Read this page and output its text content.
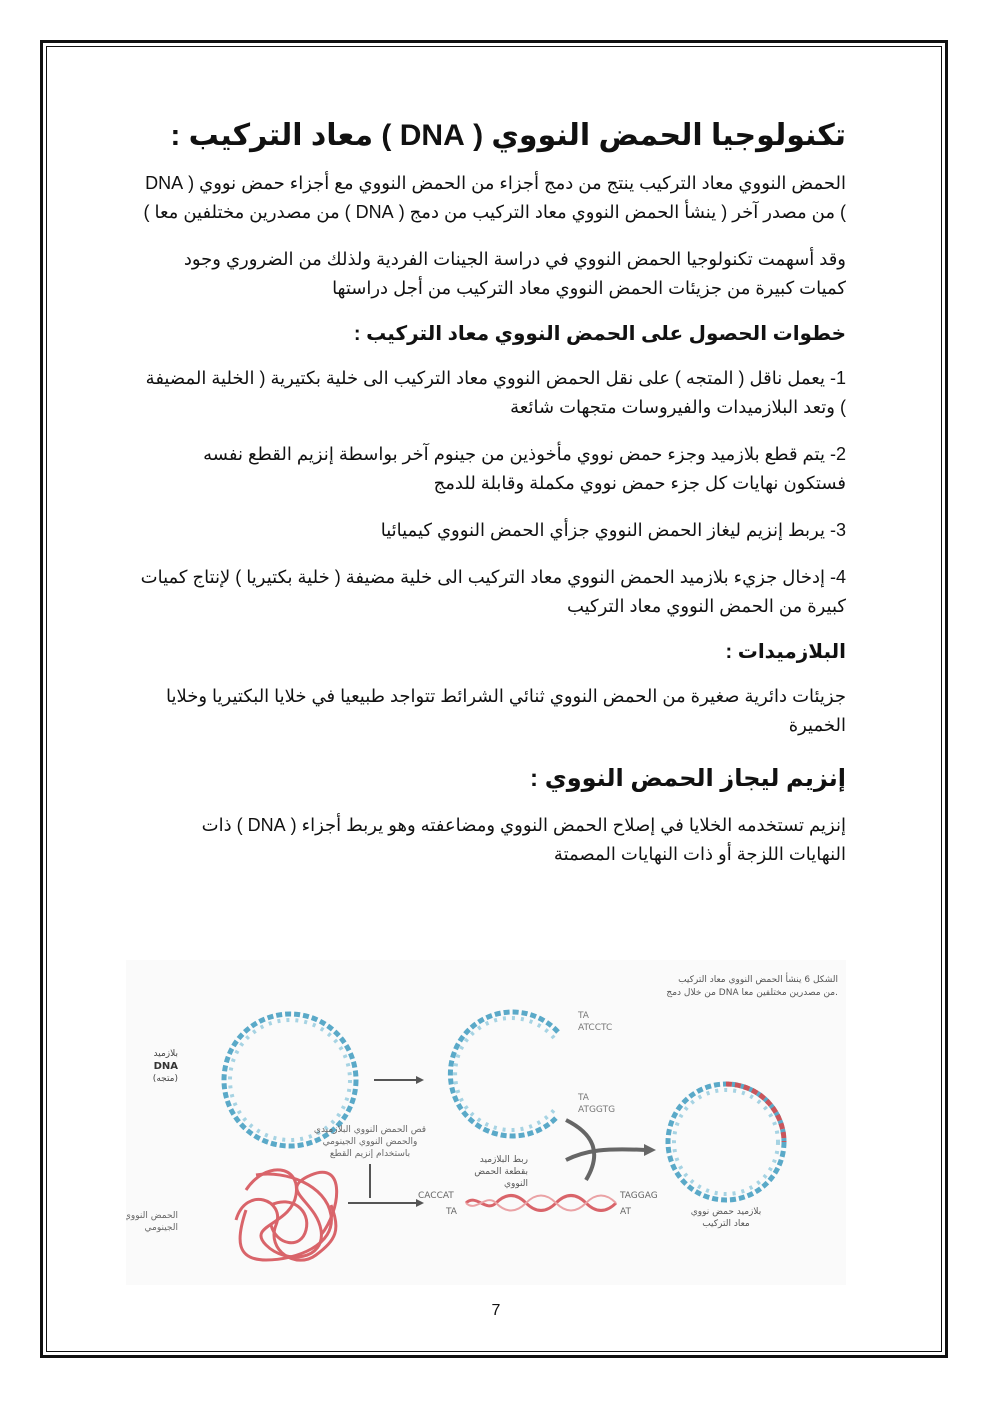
تكنولوجيا الحمض النووي ( DNA ) معاد التركيب :

الحمض النووي معاد التركيب ينتج من دمج أجزاء من الحمض النووي مع أجزاء حمض نووي ( DNA ) من مصدر آخر ( ينشأ الحمض النووي معاد التركيب من دمج ( DNA ) من مصدرين مختلفين معا )

وقد أسهمت تكنولوجيا الحمض النووي في دراسة الجينات الفردية ولذلك من الضروري وجود كميات كبيرة من جزيئات الحمض النووي معاد التركيب من أجل دراستها

خطوات الحصول على الحمض النووي معاد التركيب :

1- يعمل ناقل ( المتجه ) على نقل الحمض النووي معاد التركيب الى خلية بكتيرية ( الخلية المضيفة ) وتعد البلازميدات والفيروسات متجهات شائعة

2- يتم قطع بلازميد وجزء حمض نووي مأخوذين من جينوم آخر بواسطة إنزيم القطع نفسه فستكون نهايات كل جزء حمض نووي مكملة وقابلة للدمج

3- يربط إنزيم ليغاز الحمض النووي جزأي الحمض النووي كيميائيا

4- إدخال جزيء بلازميد الحمض النووي معاد التركيب الى خلية مضيفة ( خلية بكتيريا ) لإنتاج كميات كبيرة من الحمض النووي معاد التركيب

البلازميدات :

جزيئات دائرية صغيرة من الحمض النووي ثنائي الشرائط تتواجد طبيعيا في خلايا البكتيريا وخلايا الخميرة

إنزيم ليجاز الحمض النووي :

إنزيم تستخدمه الخلايا في إصلاح الحمض النووي ومضاعفته وهو يربط أجزاء ( DNA ) ذات النهايات اللزجة أو ذات النهايات المصمتة

الشكل 6 ينشأ الحمض النووي معاد التركيب
من خلال دمج DNA من مصدرين مختلفين معا.
بلازميد
DNA
(متجه)
TA
ATCCTC
TA
ATGGTG
قص الحمض النووي البلازميدي
والحمض النووي الجينومي
باستخدام إنزيم القطع
الحمض النووي
الجينومي
CACCAT
TA
TAGGAG
AT
ربط البلازميد
بقطعة الحمض
النووي
بلازميد حمض نووي
معاد التركيب
7
